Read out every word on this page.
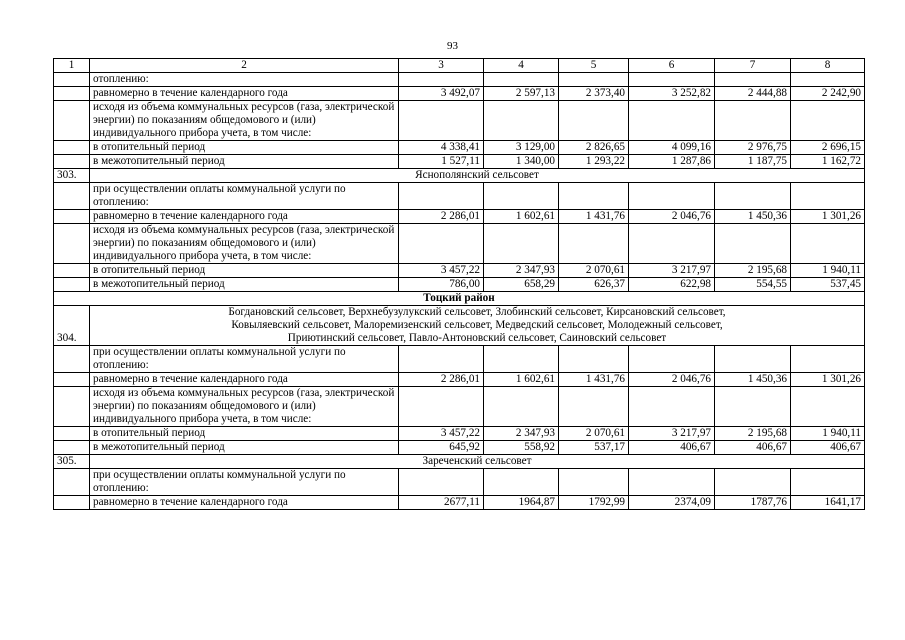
93
1	2	3	4	5	6	7	8
	отоплению:						
	равномерно в течение календарного года	3 492,07	2 597,13	2 373,40	3 252,82	2 444,88	2 242,90
	исходя из объема коммунальных ресурсов (газа, электрической энергии) по показаниям общедомового и (или) индивидуального прибора учета, в том числе:						
	в отопительный период	4 338,41	3 129,00	2 826,65	4 099,16	2 976,75	2 696,15
	в межотопительный период	1 527,11	1 340,00	1 293,22	1 287,86	1 187,75	1 162,72
303.	Яснополянский сельсовет						
	при осуществлении оплаты коммунальной услуги по отоплению:						
	равномерно в течение календарного года	2 286,01	1 602,61	1 431,76	2 046,76	1 450,36	1 301,26
	исходя из объема коммунальных ресурсов (газа, электрической энергии) по показаниям общедомового и (или) индивидуального прибора учета, в том числе:						
	в отопительный период	3 457,22	2 347,93	2 070,61	3 217,97	2 195,68	1 940,11
	в межотопительный период	786,00	658,29	626,37	622,98	554,55	537,45
Тоцкий район							
304.	Богдановский сельсовет, Верхнебузулукский сельсовет, Злобинский сельсовет, Кирсановский сельсовет,
Ковыляевский сельсовет, Малоремизенский сельсовет, Медведский сельсовет, Молодежный сельсовет,
Приютинский сельсовет, Павло-Антоновский сельсовет, Саиновский сельсовет						

	при осуществлении оплаты коммунальной услуги по отоплению:						
	равномерно в течение календарного года	2 286,01	1 602,61	1 431,76	2 046,76	1 450,36	1 301,26
	исходя из объема коммунальных ресурсов (газа, электрической энергии) по показаниям общедомового и (или) индивидуального прибора учета, в том числе:						
	в отопительный период	3 457,22	2 347,93	2 070,61	3 217,97	2 195,68	1 940,11
	в межотопительный период	645,92	558,92	537,17	406,67	406,67	406,67
305.	Зареченский сельсовет						
	при осуществлении оплаты коммунальной услуги по отоплению:						
	равномерно в течение календарного года	2677,11	1964,87	1792,99	2374,09	1787,76	1641,17
